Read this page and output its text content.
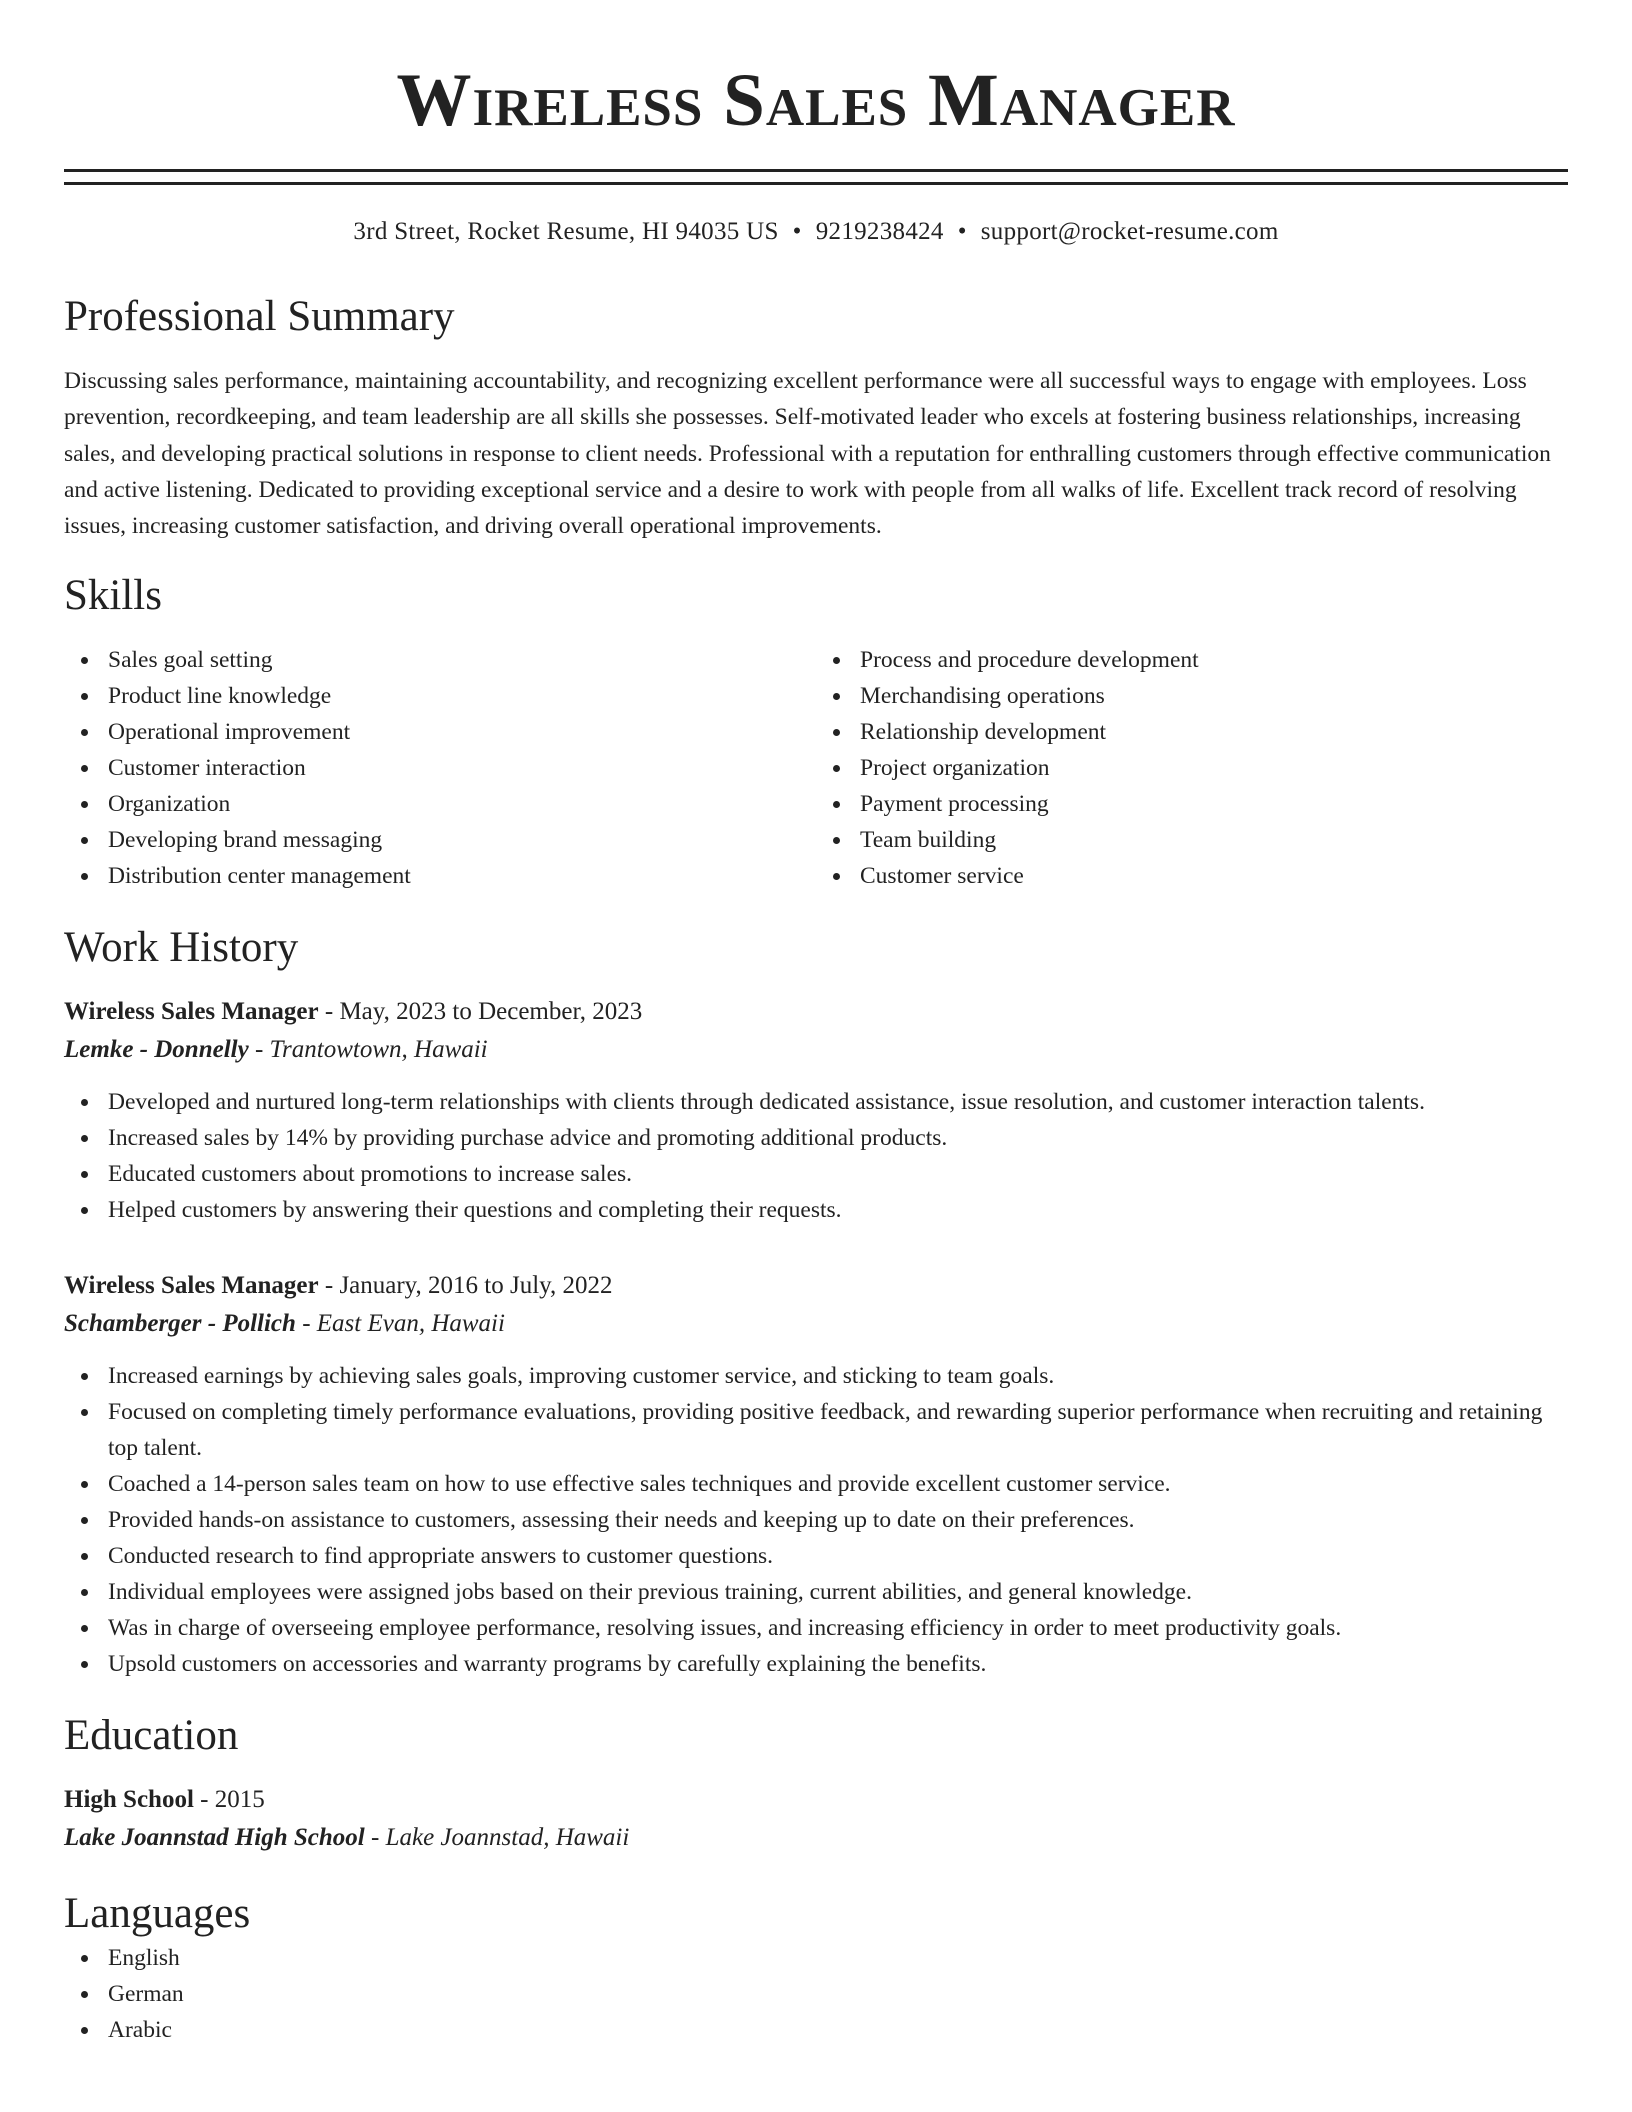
Wireless Sales Manager
3rd Street, Rocket Resume, HI 94035 US • 9219238424 • support@rocket-resume.com
Professional Summary

Discussing sales performance, maintaining accountability, and recognizing excellent performance were all successful ways to engage with employees. Loss prevention, recordkeeping, and team leadership are all skills she possesses. Self-motivated leader who excels at fostering business relationships, increasing sales, and developing practical solutions in response to client needs. Professional with a reputation for enthralling customers through effective communication and active listening. Dedicated to providing exceptional service and a desire to work with people from all walks of life. Excellent track record of resolving issues, increasing customer satisfaction, and driving overall operational improvements.

Skills
Sales goal setting
Product line knowledge
Operational improvement
Customer interaction
Organization
Developing brand messaging
Distribution center management
Process and procedure development
Merchandising operations
Relationship development
Project organization
Payment processing
Team building
Customer service
Work History
Wireless Sales Manager - May, 2023 to December, 2023
Lemke - Donnelly - Trantowtown, Hawaii
Developed and nurtured long-term relationships with clients through dedicated assistance, issue resolution, and customer interaction talents.
Increased sales by 14% by providing purchase advice and promoting additional products.
Educated customers about promotions to increase sales.
Helped customers by answering their questions and completing their requests.
Wireless Sales Manager - January, 2016 to July, 2022
Schamberger - Pollich - East Evan, Hawaii
Increased earnings by achieving sales goals, improving customer service, and sticking to team goals.
Focused on completing timely performance evaluations, providing positive feedback, and rewarding superior performance when recruiting and retaining top talent.
Coached a 14-person sales team on how to use effective sales techniques and provide excellent customer service.
Provided hands-on assistance to customers, assessing their needs and keeping up to date on their preferences.
Conducted research to find appropriate answers to customer questions.
Individual employees were assigned jobs based on their previous training, current abilities, and general knowledge.
Was in charge of overseeing employee performance, resolving issues, and increasing efficiency in order to meet productivity goals.
Upsold customers on accessories and warranty programs by carefully explaining the benefits.
Education
High School - 2015
Lake Joannstad High School - Lake Joannstad, Hawaii
Languages
English
German
Arabic
